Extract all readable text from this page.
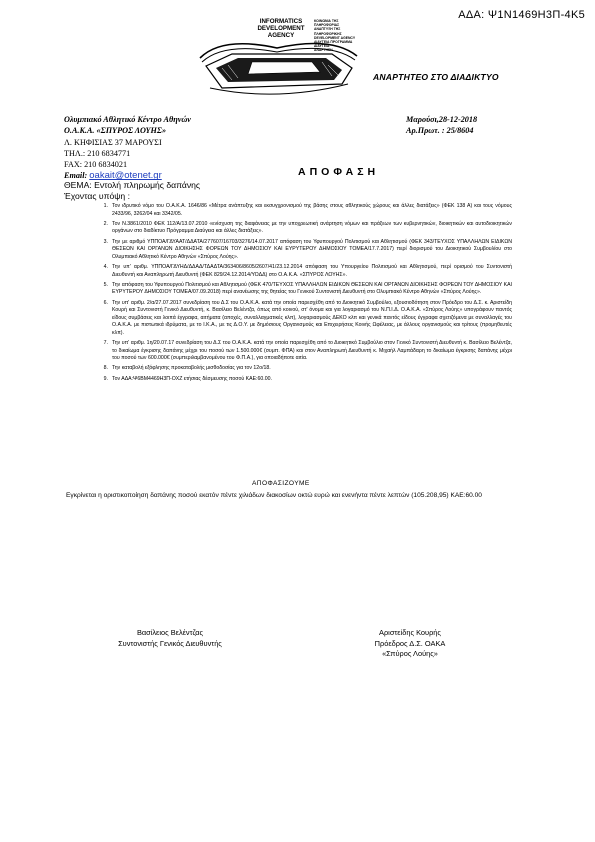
ΑΔΑ: Ψ1Ν1469Η3Π-4Κ5
INFORMATICS
DEVELOPMENT
AGENCY
ΚΟΙΝΩΝΙΑ ΤΗΣ ΠΛΗΡΟΦΟΡΙΑΣ
ΑΝΑΠΤΥΞΗ ΤΗΣ ΠΛΗΡΟΦΟΡΙΚΗΣ
DEVELOPMENT AGENCY
ΔΙΑΥΓΕΙΑ ΠΡΟΓΡΑΜΜΑ
ΔΙΑΥΓΕΙΑ
ΑΝΑΡΤΗΣΗ
ΑΝΑΡΤΗΤΕΟ ΣΤΟ ΔΙΑΔΙΚΤΥΟ
Ολυμπιακό Αθλητικό Κέντρο Αθηνών
Ο.Α.Κ.Α. «ΣΠΥΡΟΣ ΛΟΥΗΣ»
Λ. ΚΗΦΙΣΙΑΣ 37 ΜΑΡΟΥΣΙ
ΤΗΛ.: 210 6834771
FAX: 210 6834021
Email: oakait@otenet.gr
Μαρούσι,28-12-2018
Αρ.Πρωτ. : 25/8604
ΑΠΟΦΑΣΗ
ΘΕΜΑ: Εντολή πληρωμής δαπάνης
Έχοντας υπόψη :
1. Τον ιδρυτικό νόμο του Ο.Α.Κ.Α. 1646/86 «Μέτρα ανάπτυξης και εκσυγχρονισμού της βάσης στους αθλητικούς χώρους και άλλες διατάξεις» (ΦΕΚ 138 Α) και τους νόμους 2433/96, 3262/04 και 3342/05.
2. Τον Ν.3861/2010 ΦΕΚ 112/Α/13.07.2010 «ενίσχυση της διαφάνειας με την υποχρεωτική ανάρτηση νόμων και πράξεων των κυβερνητικών, διοικητικών και αυτοδιοικητικών οργάνων στο διαδίκτυο Πρόγραμμα Διαύγεια και άλλες διατάξεις».
3. Την με αριθμό ΥΠΠΟΑ/ΓΔΥΑΑΤ/ΔΔΑΤΑ/277607/16703/3276/14.07.2017 απόφαση του Υφυπουργού Πολιτισμού και Αθλητισμού (ΦΕΚ 343/ΤΕΥΧΟΣ ΥΠΑΛΛΗΛΩΝ ΕΙΔΙΚΩΝ ΘΕΣΕΩΝ ΚΑΙ ΟΡΓΑΝΩΝ ΔΙΟΙΚΗΣΗΣ ΦΟΡΕΩΝ ΤΟΥ ΔΗΜΟΣΙΟΥ ΚΑΙ ΕΥΡΥΤΕΡΟΥ ΔΗΜΟΣΙΟΥ ΤΟΜΕΑ/17.7.2017) περί διορισμού του Διοικητικού Συμβουλίου στο Ολυμπιακό Αθλητικό Κέντρο Αθηνών «Σπύρος Λούης».
4. Την υπ' αριθμ. ΥΠΠΟΑ/ΓΔΥΗΔ/ΔΔΑΔ/ΤΔΑΔΤΑ/363406/8605/2607/41/23.12.2014 απόφαση του Υπουργείου Πολιτισμού και Αθλητισμού, περί ορισμού του Συντονιστή Διευθυντή και Αναπληρωτή Διευθυντή (ΦΕΚ 829/24.12.2014/ΥΟΔΔ) στο Ο.Α.Κ.Α. «ΣΠΥΡΟΣ ΛΟΥΗΣ».
5. Την απόφαση του Υφυπουργού Πολιτισμού και Αθλητισμού (ΦΕΚ 470/ΤΕΥΧΟΣ ΥΠΑΛΛΗΛΩΝ ΕΙΔΙΚΩΝ ΘΕΣΕΩΝ ΚΑΙ ΟΡΓΑΝΩΝ ΔΙΟΙΚΗΣΗΣ ΦΟΡΕΩΝ ΤΟΥ ΔΗΜΟΣΙΟΥ ΚΑΙ ΕΥΡΥΤΕΡΟΥ ΔΗΜΟΣΙΟΥ ΤΟΜΕΑ/07.09.2018) περί ανανέωσης της θητείας του Γενικού Συντονιστή Διευθυντή στο Ολυμπιακό Κέντρο Αθηνών «Σπύρος Λούης».
6. Την υπ' αριθμ. 2/α/27.07.2017 συνεδρίαση του Δ.Σ του Ο.Α.Κ.Α. κατά την οποία παρεσχέθη από το Διοικητικό Συμβούλιο, εξουσιοδότηση στον Πρόεδρο του Δ.Σ. κ. Αριστείδη Κουρή και Συντονιστή Γενικό Διευθυντή, κ. Βασίλειο Βελέντζα, όπως από κοινού, στ' όνομα και για λογαριασμό του Ν.Π.Ι.Δ. Ο.Α.Κ.Α. «Σπύρος Λούης» υπογράφουν παντός είδους συμβάσεις και λοιπά έγγραφα, αιτήματα (αποχές, συναλλαγματικές κλπ), λογαριασμούς ΔΕΚΟ κλπ και γενικά παντός είδους έγγραφα σχετιζόμενα με συναλλαγές του Ο.Α.Κ.Α. με πιστωτικά ιδρύματα, με το Ι.Κ.Α., με τις Δ.Ο.Υ. με δημόσιους Οργανισμούς και Επιχειρήσεις Κοινής Ωφέλειας, με άλλους οργανισμούς και τρίτους (προμηθευτές κλπ).
7. Την υπ' αριθμ. 1η/20.07.17 συνεδρίαση του Δ.Σ του Ο.Α.Κ.Α. κατά την οποία παρεσχέθη από το Διοικητικό Συμβούλιο στον Γενικό Συντονιστή Διευθυντή κ. Βασίλειο Βελέντζα, το δικαίωμα έγκρισης δαπάνης μέχρι του ποσού των 1.500.000€ (συμπ. ΦΠΑ) και στον Αναπληρωτή Διευθυντή κ. Μιχαήλ Λαμπάδαρη το δικαίωμα έγκρισης δαπάνης μέχρι του ποσού των 600.000€ (συμπεριλαμβανομένου του Φ.Π.Α.), για οποιαδήποτε αιτία.
8. Την καταβολή εξόφλησης προκαταβολής μισθοδοσίας για τον 12ο/18.
9. Τον ΑΔΑ:Ψ6ΒΜ4469Η3Π-ΟΧΖ ετήσιας δέσμευσης ποσού ΚΑΕ:60.00.
ΑΠΟΦΑΣΙΖΟΥΜΕ
Εγκρίνεται η οριστικοποίηση δαπάνης ποσού εκατόν πέντε χιλιάδων διακοσίων οκτώ ευρώ και ενενήντα πέντε λεπτών (105.208,95) ΚΑΕ:60.00
Βασίλειος Βελέντζας
Συντονιστής Γενικός Διευθυντής
Αριστείδης Κουρής
Πρόεδρος Δ.Σ. ΟΑΚΑ
«Σπύρος Λούης»
